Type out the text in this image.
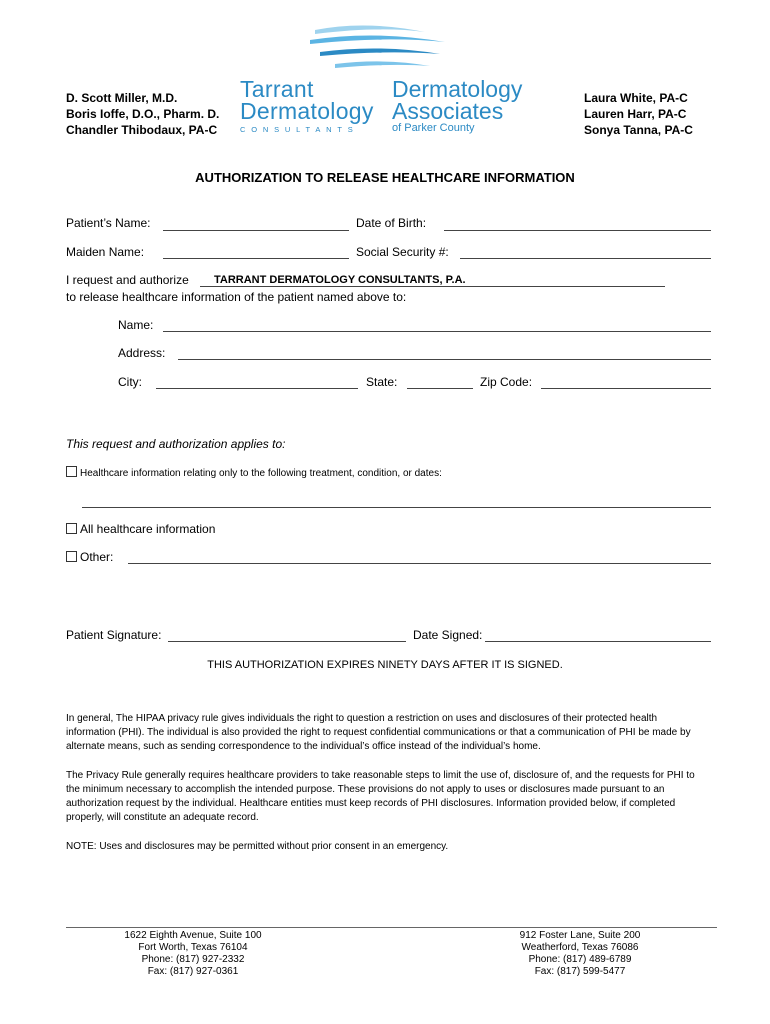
D. Scott Miller, M.D.
Boris Ioffe, D.O., Pharm. D.
Chandler Thibodaux, PA-C
Tarrant
Dermatology
CONSULTANTS
Dermatology
Associates
of Parker County
Laura White, PA-C
Lauren Harr, PA-C
Sonya Tanna, PA-C
AUTHORIZATION TO RELEASE HEALTHCARE INFORMATION
Patient’s Name:	Date of Birth:
Maiden Name:	Social Security #:
I request and authorize TARRANT DERMATOLOGY CONSULTANTS, P.A.
to release healthcare information of the patient named above to:
Name:
Address:
City:	State:	Zip Code:
This request and authorization applies to:
Healthcare information relating only to the following treatment, condition, or dates:
All healthcare information
Other:
Patient Signature:	Date Signed:
THIS AUTHORIZATION EXPIRES NINETY DAYS AFTER IT IS SIGNED.
In general, The HIPAA privacy rule gives individuals the right to question a restriction on uses and disclosures of their protected health information (PHI). The individual is also provided the right to request confidential communications or that a communication of PHI be made by alternate means, such as sending correspondence to the individual’s office instead of the individual’s home.
The Privacy Rule generally requires healthcare providers to take reasonable steps to limit the use of, disclosure of, and the requests for PHI to the minimum necessary to accomplish the intended purpose. These provisions do not apply to uses or disclosures made pursuant to an authorization request by the individual. Healthcare entities must keep records of PHI disclosures. Information provided below, if completed properly, will constitute an adequate record.
NOTE: Uses and disclosures may be permitted without prior consent in an emergency.
1622 Eighth Avenue, Suite 100
Fort Worth, Texas 76104
Phone: (817) 927-2332
Fax: (817) 927-0361
912 Foster Lane, Suite 200
Weatherford, Texas 76086
Phone: (817) 489-6789
Fax: (817) 599-5477
